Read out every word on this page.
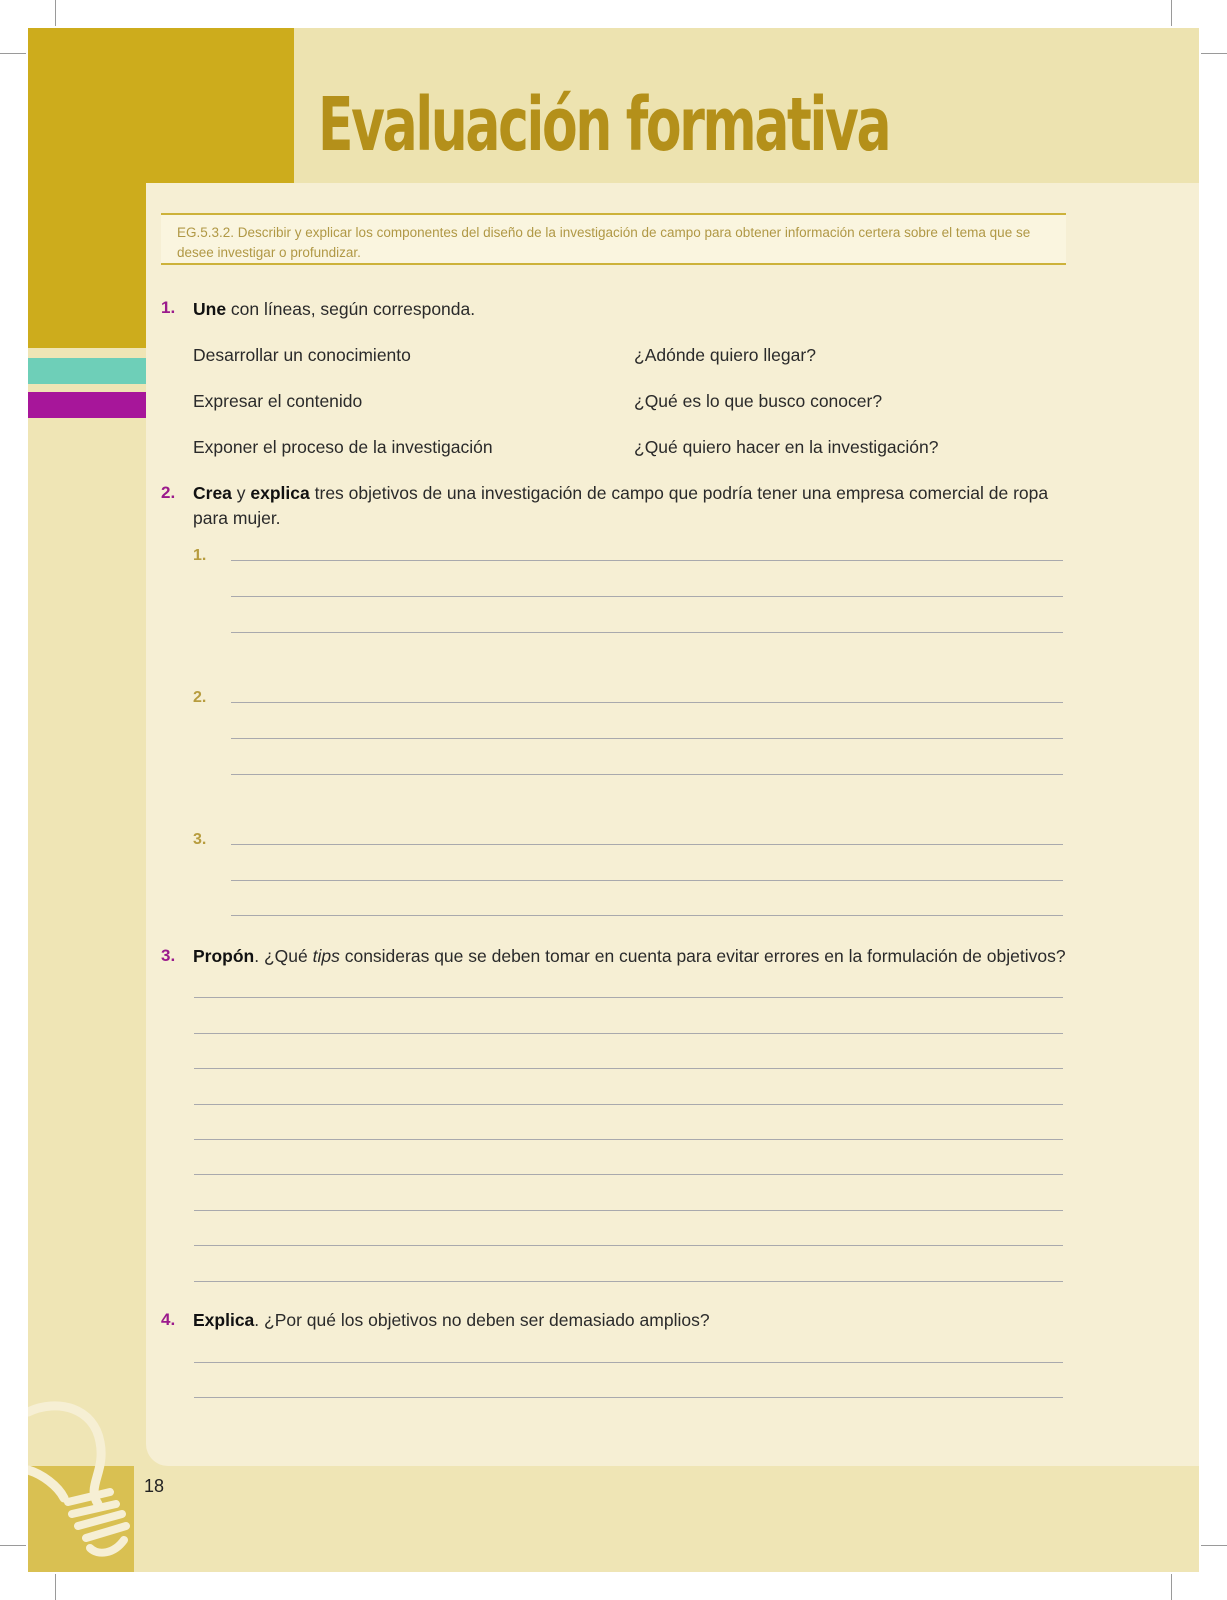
Evaluación formativa
EG.5.3.2. Describir y explicar los componentes del diseño de la investigación de campo para obtener información certera sobre el tema que se desee investigar o profundizar.
1. Une con líneas, según corresponda.
Desarrollar un conocimiento
Expresar el contenido
Exponer el proceso de la investigación
¿Adónde quiero llegar?
¿Qué es lo que busco conocer?
¿Qué quiero hacer en la investigación?
2. Crea y explica tres objetivos de una investigación de campo que podría tener una empresa comercial de ropa para mujer.
1.
2.
3.
3. Propón. ¿Qué tips consideras que se deben tomar en cuenta para evitar errores en la formulación de objetivos?
4. Explica. ¿Por qué los objetivos no deben ser demasiado amplios?
18
